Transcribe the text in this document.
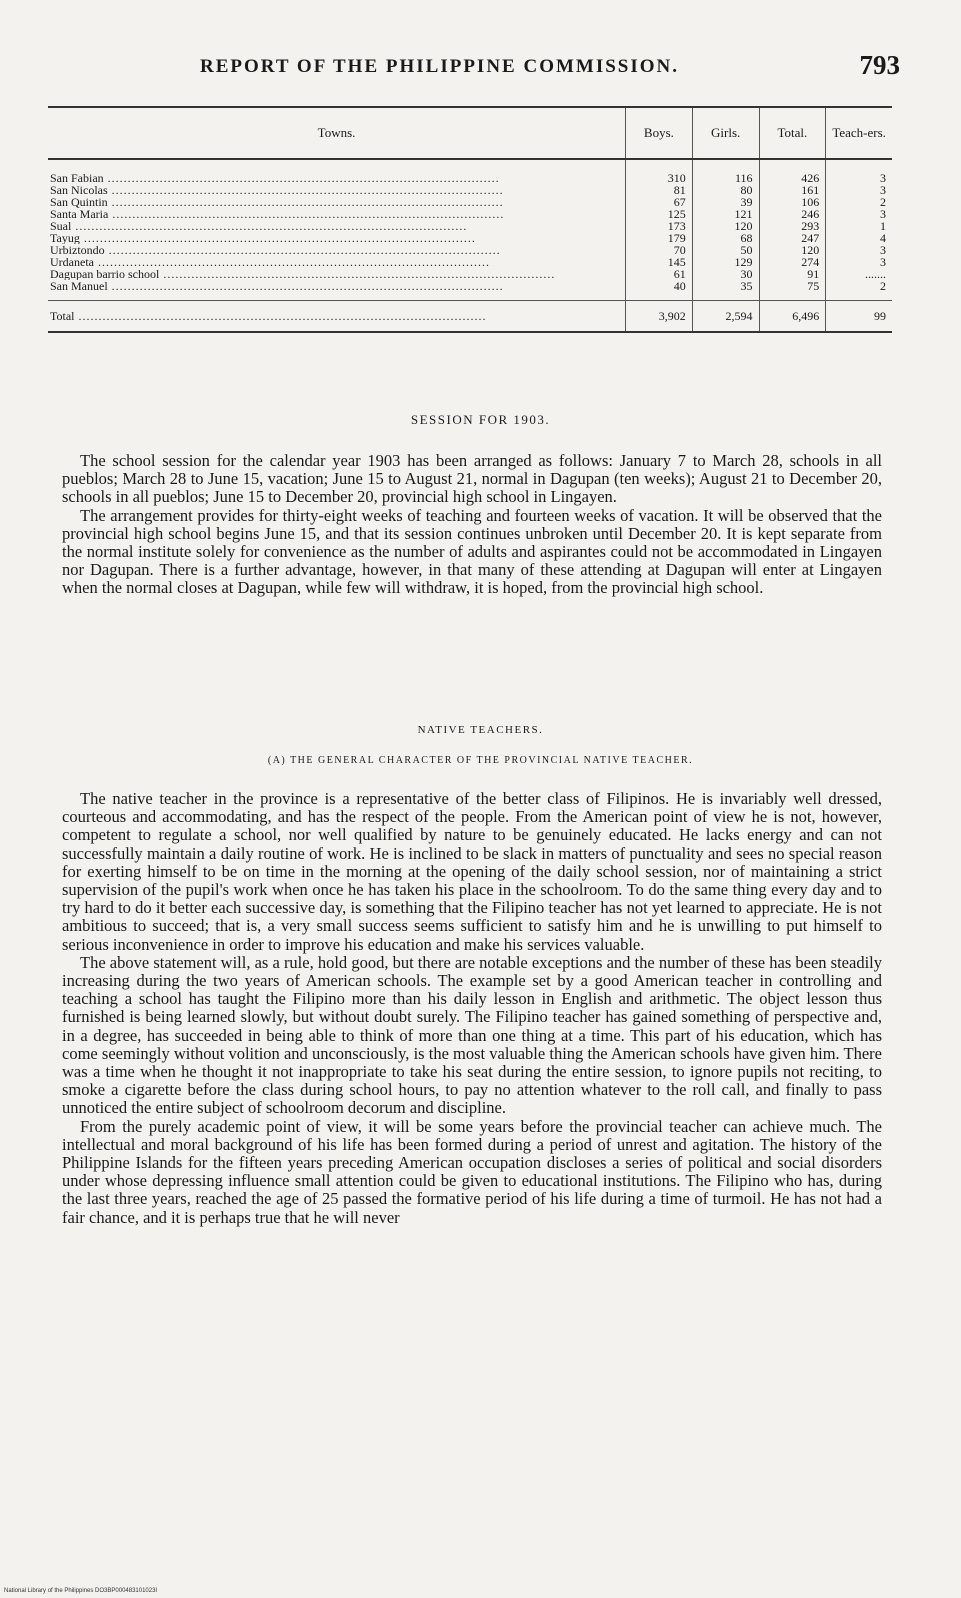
REPORT OF THE PHILIPPINE COMMISSION.	793
Towns.	Boys.	Girls.	Total.	Teach-ers.
San Fabian ..................................................................................................	310	116	426	3
San Nicolas ..................................................................................................	81	80	161	3
San Quintin ..................................................................................................	67	39	106	2
Santa Maria ..................................................................................................	125	121	246	3
Sual ..................................................................................................	173	120	293	1
Tayug ..................................................................................................	179	68	247	4
Urbiztondo ..................................................................................................	70	50	120	3
Urdaneta ..................................................................................................	145	129	274	3
Dagupan barrio school ..................................................................................................	61	30	91	.......
San Manuel ..................................................................................................	40	35	75	2
Total ......................................................................................................	3,902	2,594	6,496	99
SESSION FOR 1903.

The school session for the calendar year 1903 has been arranged as follows: January 7 to March 28, schools in all pueblos; March 28 to June 15, vacation; June 15 to August 21, normal in Dagupan (ten weeks); August 21 to December 20, schools in all pueblos; June 15 to December 20, provincial high school in Lingayen.

The arrangement provides for thirty-eight weeks of teaching and fourteen weeks of vacation. It will be observed that the provincial high school begins June 15, and that its session continues unbroken until December 20. It is kept separate from the normal institute solely for convenience as the number of adults and aspirantes could not be accommodated in Lingayen nor Dagupan. There is a further advantage, however, in that many of these attending at Dagupan will enter at Lingayen when the normal closes at Dagupan, while few will withdraw, it is hoped, from the provincial high school.

NATIVE TEACHERS.
(A) THE GENERAL CHARACTER OF THE PROVINCIAL NATIVE TEACHER.

The native teacher in the province is a representative of the better class of Filipinos. He is invariably well dressed, courteous and accommodating, and has the respect of the people. From the American point of view he is not, however, competent to regulate a school, nor well qualified by nature to be genuinely educated. He lacks energy and can not successfully maintain a daily routine of work. He is inclined to be slack in matters of punctuality and sees no special reason for exerting himself to be on time in the morning at the opening of the daily school session, nor of maintaining a strict supervision of the pupil's work when once he has taken his place in the schoolroom. To do the same thing every day and to try hard to do it better each successive day, is something that the Filipino teacher has not yet learned to appreciate. He is not ambitious to succeed; that is, a very small success seems sufficient to satisfy him and he is unwilling to put himself to serious inconvenience in order to improve his education and make his services valuable.

The above statement will, as a rule, hold good, but there are notable exceptions and the number of these has been steadily increasing during the two years of American schools. The example set by a good American teacher in controlling and teaching a school has taught the Filipino more than his daily lesson in English and arithmetic. The object lesson thus furnished is being learned slowly, but without doubt surely. The Filipino teacher has gained something of perspective and, in a degree, has succeeded in being able to think of more than one thing at a time. This part of his education, which has come seemingly without volition and unconsciously, is the most valuable thing the American schools have given him. There was a time when he thought it not inappropriate to take his seat during the entire session, to ignore pupils not reciting, to smoke a cigarette before the class during school hours, to pay no attention whatever to the roll call, and finally to pass unnoticed the entire subject of schoolroom decorum and discipline.

From the purely academic point of view, it will be some years before the provincial teacher can achieve much. The intellectual and moral background of his life has been formed during a period of unrest and agitation. The history of the Philippine Islands for the fifteen years preceding American occupation discloses a series of political and social disorders under whose depressing influence small attention could be given to educational institutions. The Filipino who has, during the last three years, reached the age of 25 passed the formative period of his life during a time of turmoil. He has not had a fair chance, and it is perhaps true that he will never

National Library of the Philippines DO3BP000483101023I
